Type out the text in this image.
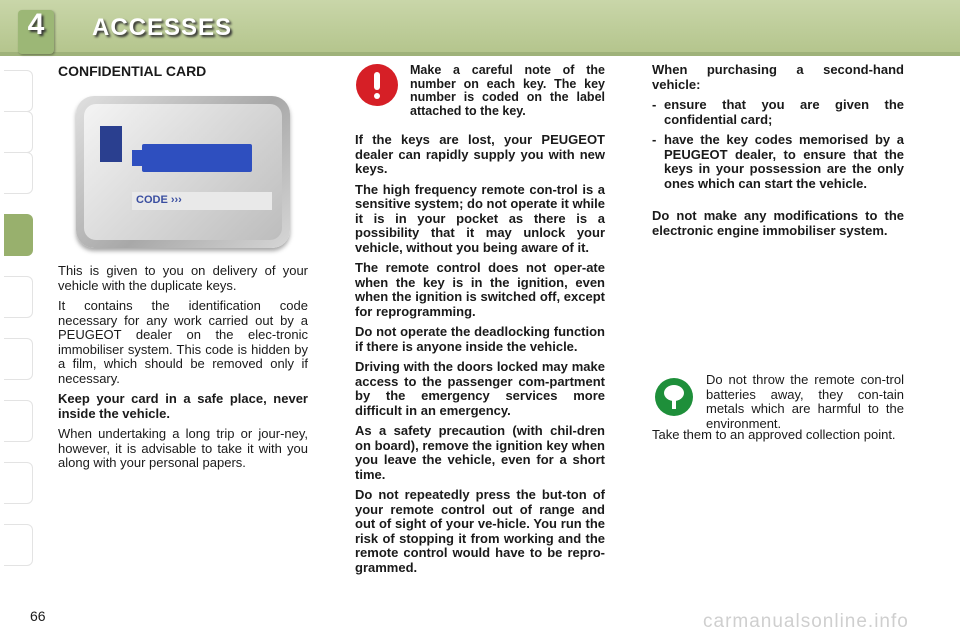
4	ACCESSES
CONFIDENTIAL CARD
CODE ›››

This is given to you on delivery of your vehicle with the duplicate keys.

It contains the identification code necessary for any work carried out by a PEUGEOT dealer on the elec-tronic immobiliser system. This code is hidden by a film, which should be removed only if necessary.

Keep your card in a safe place, never inside the vehicle.

When undertaking a long trip or jour-ney, however, it is advisable to take it with you along with your personal papers.

Make a careful note of the number on each key. The key number is coded on the label attached to the key.

If the keys are lost, your PEUGEOT dealer can rapidly supply you with new keys.

The high frequency remote con-trol is a sensitive system; do not operate it while it is in your pocket as there is a possibility that it may unlock your vehicle, without you being aware of it.

The remote control does not oper-ate when the key is in the ignition, even when the ignition is switched off, except for reprogramming.

Do not operate the deadlocking function if there is anyone inside the vehicle.

Driving with the doors locked may make access to the passenger com-partment by the emergency services more difficult in an emergency.

As a safety precaution (with chil-dren on board), remove the ignition key when you leave the vehicle, even for a short time.

Do not repeatedly press the but-ton of your remote control out of range and out of sight of your ve-hicle. You run the risk of stopping it from working and the remote control would have to be repro-grammed.

When purchasing a second-hand vehicle:

- ensure that you are given the confidential card;

- have the key codes memorised by a PEUGEOT dealer, to ensure that the keys in your possession are the only ones which can start the vehicle.

Do not make any modifications to the electronic engine immobiliser system.

Do not throw the remote con-trol batteries away, they con-tain metals which are harmful to the environment.

Take them to an approved collection point.

66	carmanualsonline.info
